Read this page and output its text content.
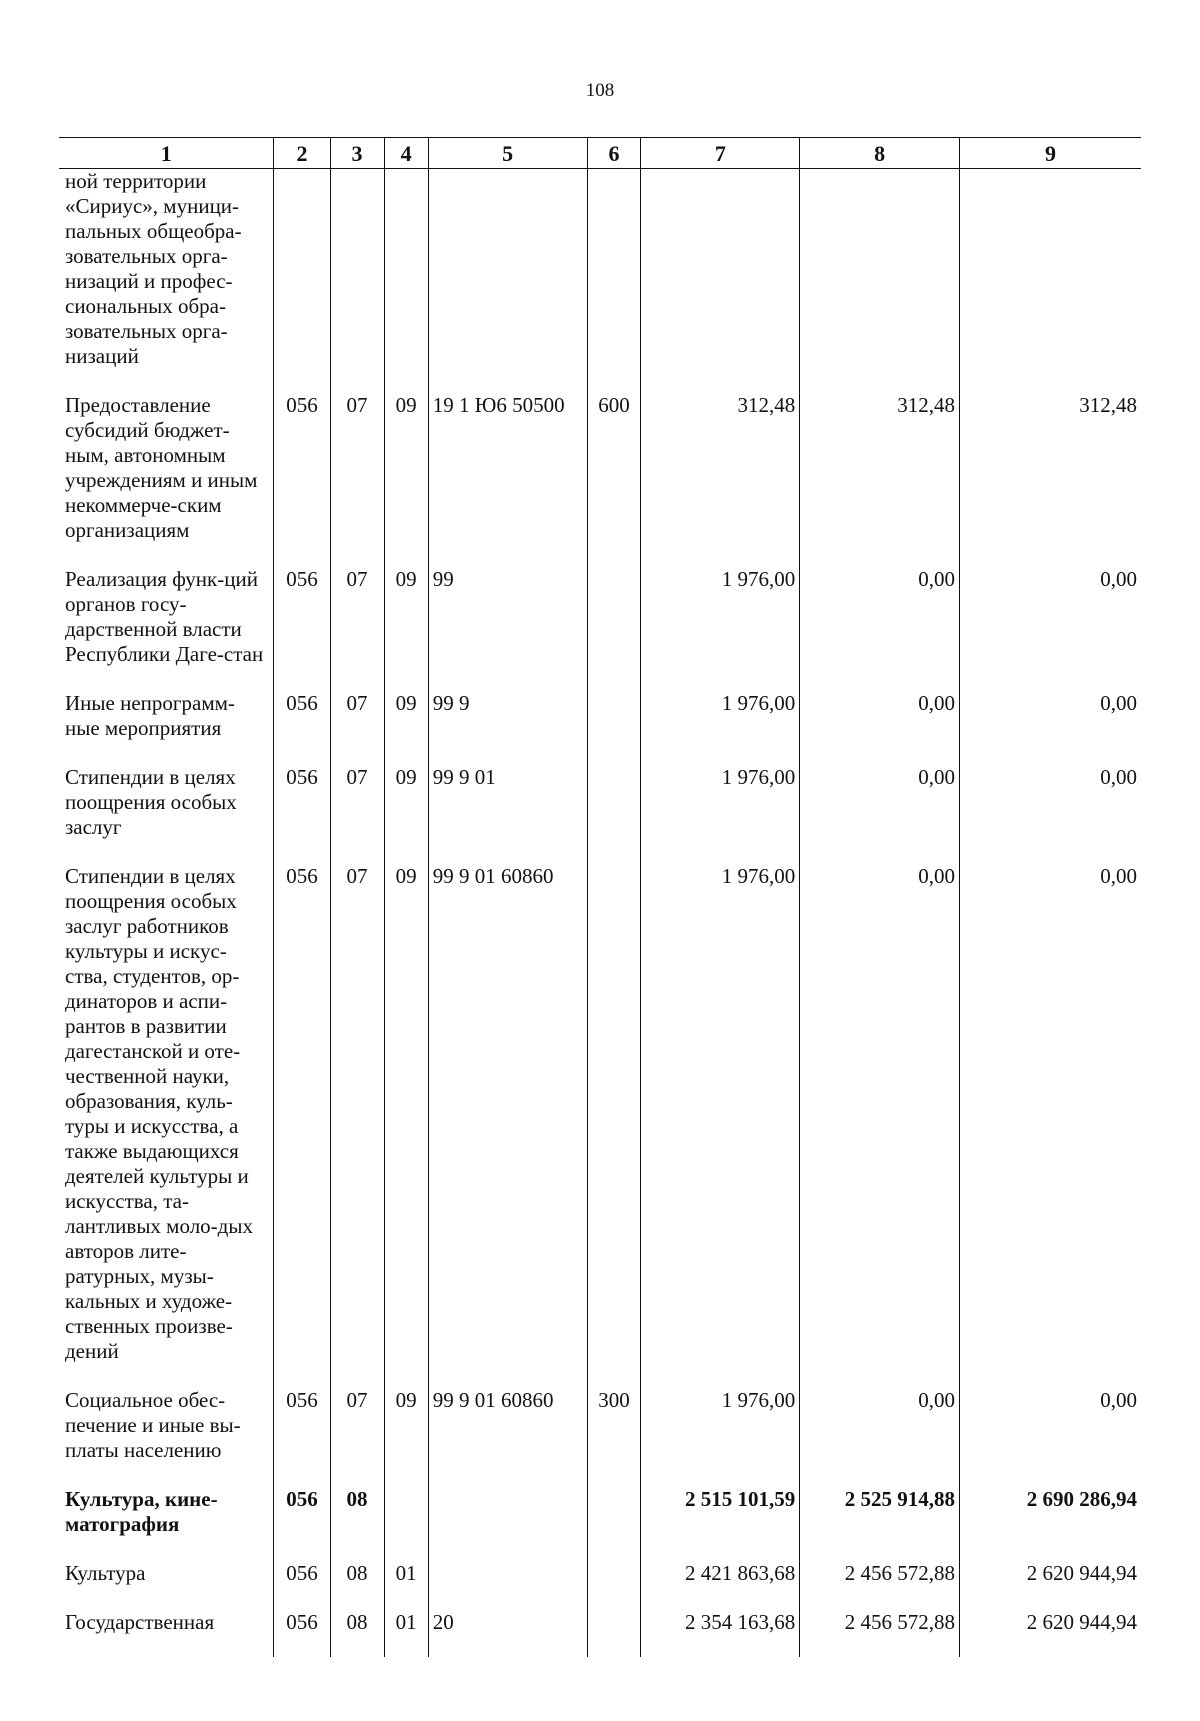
108
1	2	3	4	5	6	7	8	9
ной территории «Сириус», муници-пальных общеобра-зовательных орга-низаций и профес-сиональных обра-зовательных орга-низаций								
Предоставление субсидий бюджет-ным, автономным учреждениям и иным некоммерче-ским организациям	056	07	09	19 1 Ю6 50500	600	312,48	312,48	312,48
Реализация функ-ций органов госу-дарственной власти Республики Даге-стан	056	07	09	99		1 976,00	0,00	0,00
Иные непрограмм-ные мероприятия	056	07	09	99 9		1 976,00	0,00	0,00
Стипендии в целях поощрения особых заслуг	056	07	09	99 9 01		1 976,00	0,00	0,00
Стипендии в целях поощрения особых заслуг работников культуры и искус-ства, студентов, ор-динаторов и аспи-рантов в развитии дагестанской и оте-чественной науки, образования, куль-туры и искусства, а также выдающихся деятелей культуры и искусства, та-лантливых моло-дых авторов лите-ратурных, музы-кальных и художе-ственных произве-дений	056	07	09	99 9 01 60860		1 976,00	0,00	0,00
Социальное обес-печение и иные вы-платы населению	056	07	09	99 9 01 60860	300	1 976,00	0,00	0,00
Культура, кине-матография	056	08				2 515 101,59	2 525 914,88	2 690 286,94
Культура	056	08	01			2 421 863,68	2 456 572,88	2 620 944,94
Государственная	056	08	01	20		2 354 163,68	2 456 572,88	2 620 944,94
